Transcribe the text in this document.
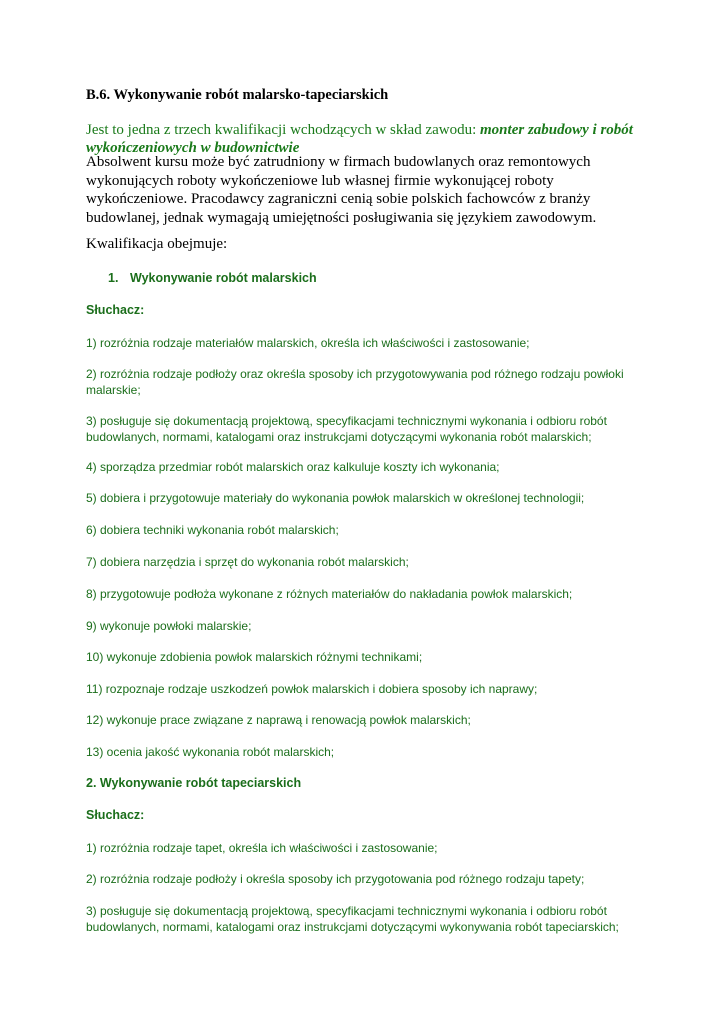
B.6. Wykonywanie robót malarsko-tapeciarskich

Jest to jedna z trzech kwalifikacji wchodzących w skład zawodu: monter zabudowy i robót wykończeniowych w budownictwie

Absolwent kursu może być zatrudniony w firmach budowlanych oraz remontowych wykonujących roboty wykończeniowe lub własnej firmie wykonującej roboty wykończeniowe. Pracodawcy zagraniczni cenią sobie polskich fachowców z branży budowlanej, jednak wymagają umiejętności posługiwania się językiem zawodowym.

Kwalifikacja obejmuje:

1. Wykonywanie robót malarskich

Słuchacz:

1) rozróżnia rodzaje materiałów malarskich, określa ich właściwości i zastosowanie;

2) rozróżnia rodzaje podłoży oraz określa sposoby ich przygotowywania pod różnego rodzaju powłoki malarskie;

3) posługuje się dokumentacją projektową, specyfikacjami technicznymi wykonania i odbioru robót budowlanych, normami, katalogami oraz instrukcjami dotyczącymi wykonania robót malarskich;

4) sporządza przedmiar robót malarskich oraz kalkuluje koszty ich wykonania;

5) dobiera i przygotowuje materiały do wykonania powłok malarskich w określonej technologii;

6) dobiera techniki wykonania robót malarskich;

7) dobiera narzędzia i sprzęt do wykonania robót malarskich;

8) przygotowuje podłoża wykonane z różnych materiałów do nakładania powłok malarskich;

9) wykonuje powłoki malarskie;

10) wykonuje zdobienia powłok malarskich różnymi technikami;

11) rozpoznaje rodzaje uszkodzeń powłok malarskich i dobiera sposoby ich naprawy;

12) wykonuje prace związane z naprawą i renowacją powłok malarskich;

13) ocenia jakość wykonania robót malarskich;

2. Wykonywanie robót tapeciarskich

Słuchacz:

1) rozróżnia rodzaje tapet, określa ich właściwości i zastosowanie;

2) rozróżnia rodzaje podłoży i określa sposoby ich przygotowania pod różnego rodzaju tapety;

3) posługuje się dokumentacją projektową, specyfikacjami technicznymi wykonania i odbioru robót budowlanych, normami, katalogami oraz instrukcjami dotyczącymi wykonywania robót tapeciarskich;
